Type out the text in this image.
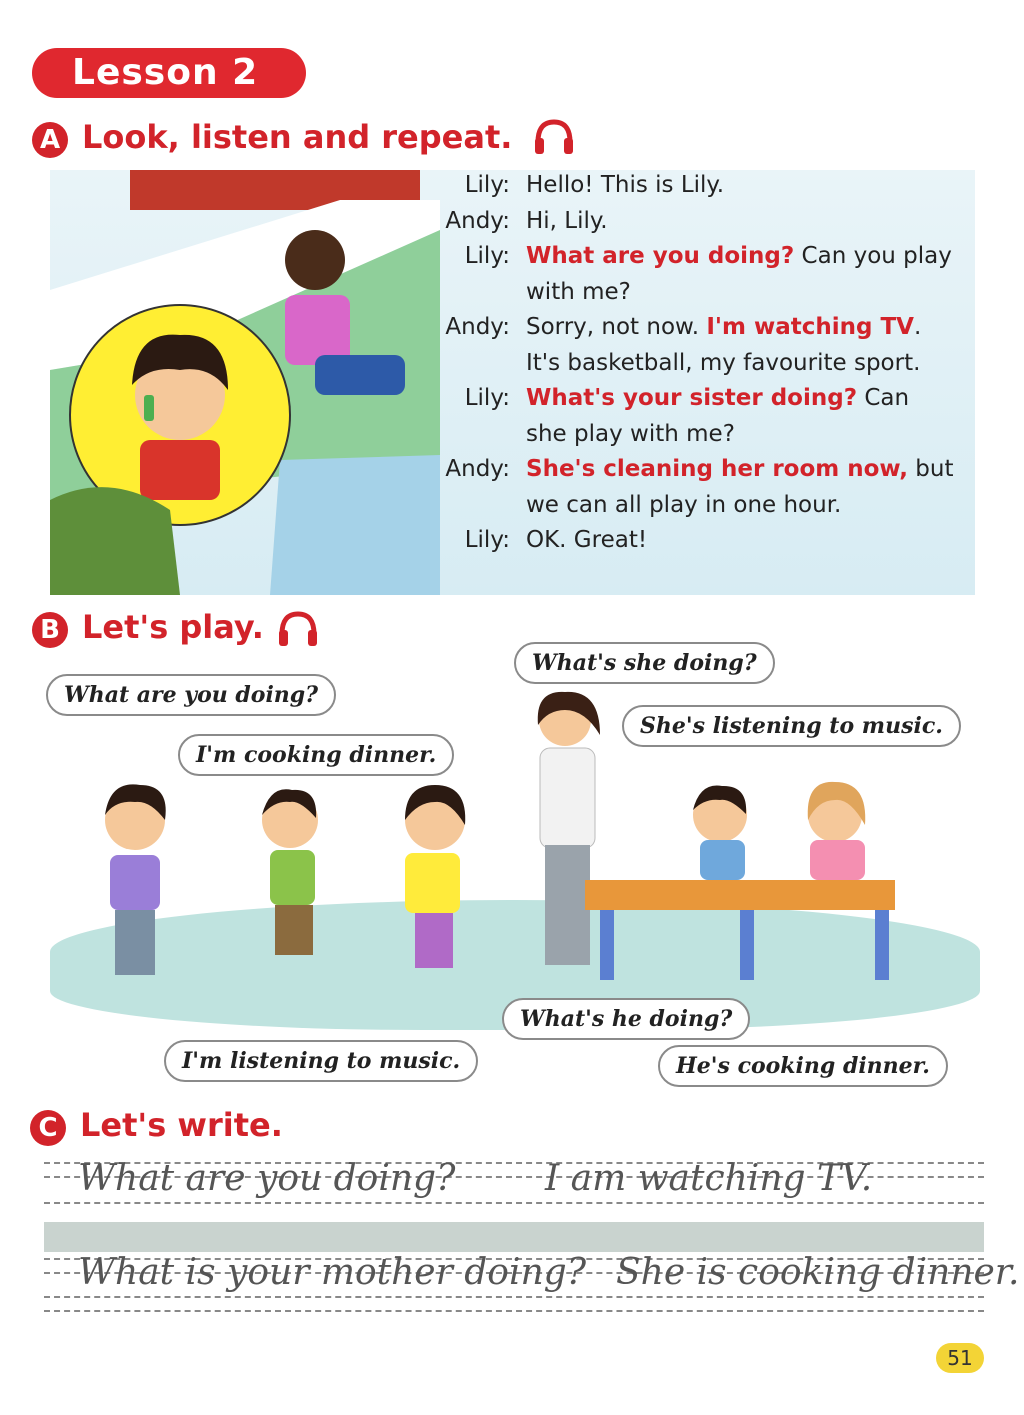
Lesson 2
A Look, listen and repeat.
Lily: Hello! This is Lily.
Andy: Hi, Lily.
Lily: What are you doing? Can you play
with me?
Andy: Sorry, not now. I'm watching TV.
It's basketball, my favourite sport.
Lily: What's your sister doing? Can
she play with me?
Andy: She's cleaning her room now, but
we can all play in one hour.
Lily: OK. Great!
B Let's play.
What are you doing?
I'm cooking dinner.
What's she doing?
She's listening to music.
What's he doing?
I'm listening to music.	He's cooking dinner.
C Let's write.
What are you doing? I am watching TV.
What is your mother doing? She is cooking dinner.
51
